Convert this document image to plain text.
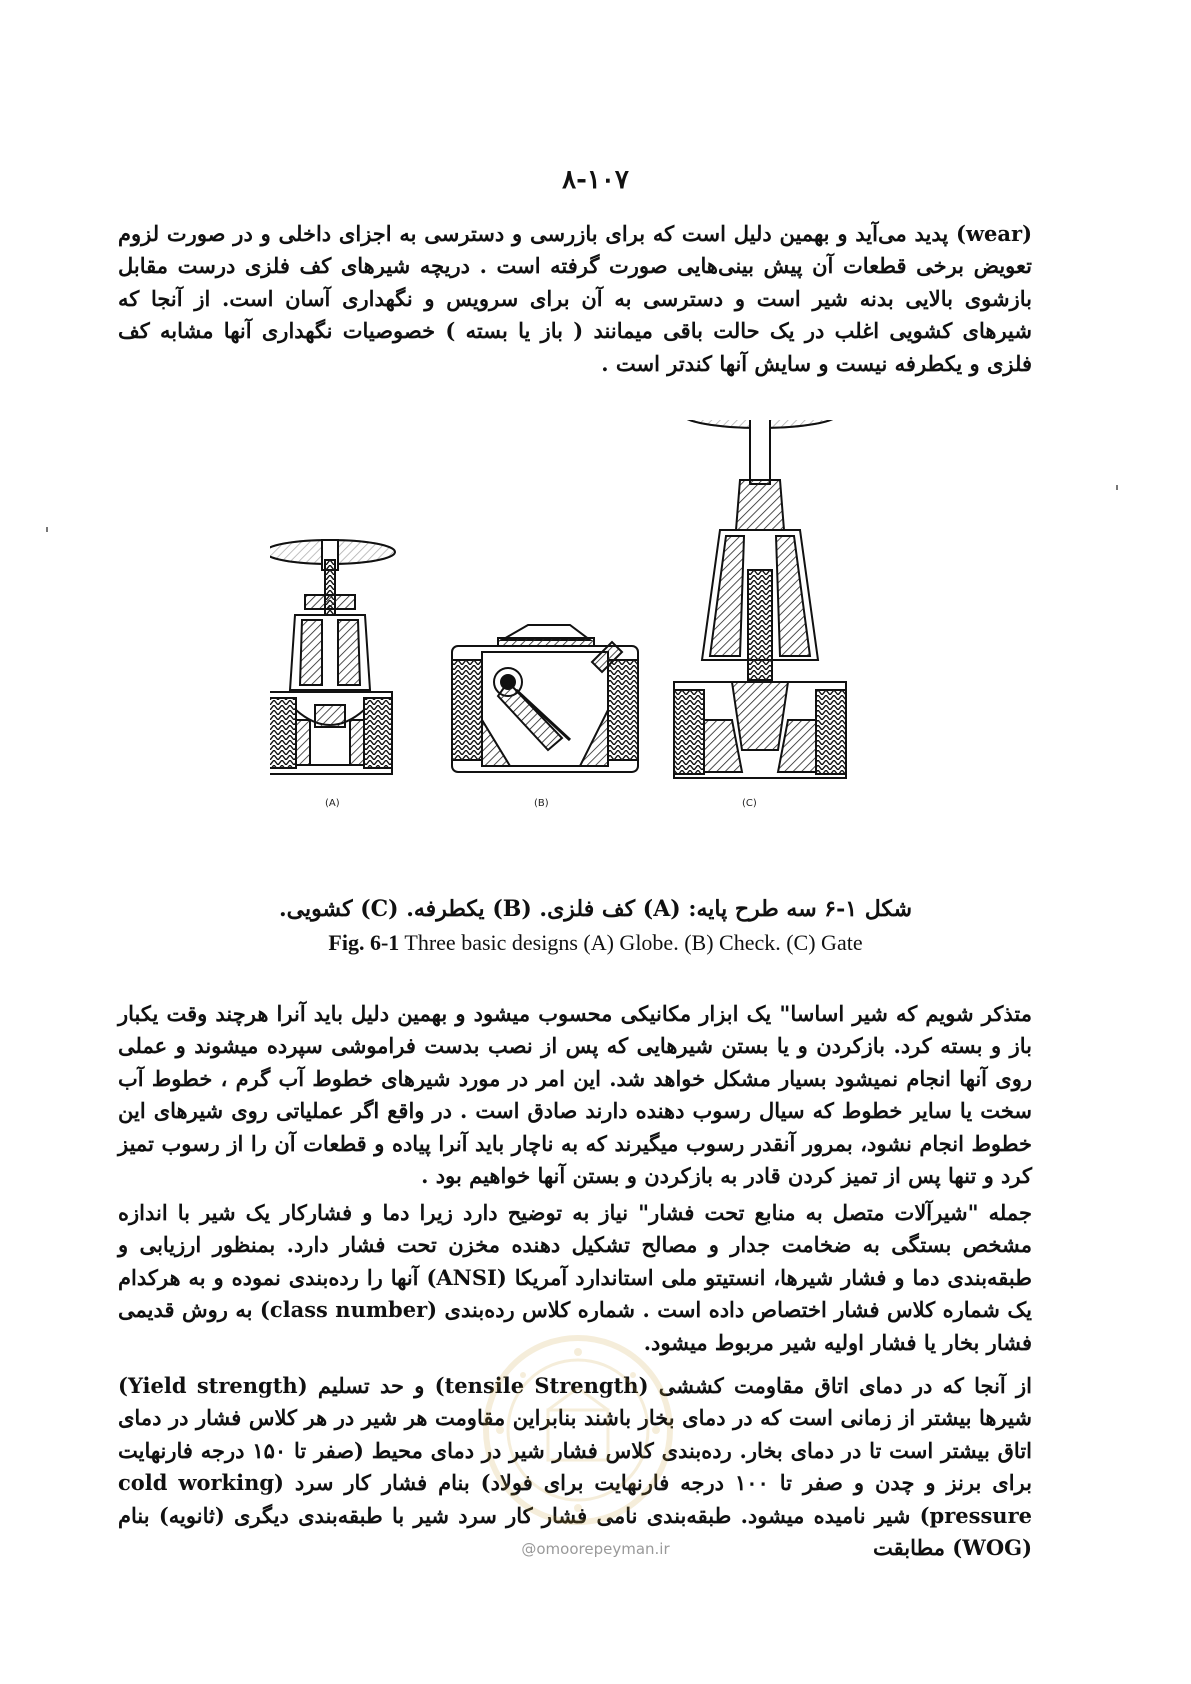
۸-۱۰۷

(wear) پدید می‌آید و بهمین دلیل است که برای بازرسی و دسترسی به اجزای داخلی و در صورت لزوم تعویض برخی قطعات آن پیش بینی‌هایی صورت گرفته است . دریچه شیرهای کف فلزی درست مقابل بازشوی بالایی بدنه شیر است و دسترسی به آن برای سرویس و نگهداری آسان است. از آنجا که شیرهای کشویی اغلب در یک حالت باقی میمانند ( باز یا بسته ) خصوصیات نگهداری آنها مشابه کف فلزی و یکطرفه نیست و سایش آنها کندتر است .

(A)	(B)	(C)
شکل ۱-۶ سه طرح پایه: (A) کف فلزی. (B) یکطرفه. (C) کشویی.
Fig. 6-1 Three basic designs (A) Globe. (B) Check. (C) Gate

متذکر شویم که شیر اساسا" یک ابزار مکانیکی محسوب میشود و بهمین دلیل باید آنرا هرچند وقت یکبار باز و بسته کرد. بازکردن و یا بستن شیرهایی که پس از نصب بدست فراموشی سپرده میشوند و عملی روی آنها انجام نمیشود بسیار مشکل خواهد شد. این امر در مورد شیرهای خطوط آب گرم ، خطوط آب سخت یا سایر خطوط که سیال رسوب دهنده دارند صادق است . در واقع اگر عملیاتی روی شیرهای این خطوط انجام نشود، بمرور آنقدر رسوب میگیرند که به ناچار باید آنرا پیاده و قطعات آن را از رسوب تمیز کرد و تنها پس از تمیز کردن قادر به بازکردن و بستن آنها خواهیم بود .

جمله "شیرآلات متصل به منابع تحت فشار" نیاز به توضیح دارد زیرا دما و فشارکار یک شیر با اندازه مشخص بستگی به ضخامت جدار و مصالح تشکیل دهنده مخزن تحت فشار دارد. بمنظور ارزیابی و طبقه‌بندی دما و فشار شیرها، انستیتو ملی استاندارد آمریکا (ANSI) آنها را رده‌بندی نموده و به هرکدام یک شماره کلاس فشار اختصاص داده است . شماره کلاس رده‌بندی (class number) به روش قدیمی فشار بخار یا فشار اولیه شیر مربوط میشود.

از آنجا که در دمای اتاق مقاومت کششی (tensile Strength) و حد تسلیم (Yield strength) شیرها بیشتر از زمانی است که در دمای بخار باشند بنابراین مقاومت هر شیر در هر کلاس فشار در دمای اتاق بیشتر است تا در دمای بخار. رده‌بندی کلاس فشار شیر در دمای محیط (صفر تا ۱۵۰ درجه فارنهایت برای برنز و چدن و صفر تا ۱۰۰ درجه فارنهایت برای فولاد) بنام فشار کار سرد (cold working pressure) شیر نامیده میشود. طبقه‌بندی نامی فشار کار سرد شیر با طبقه‌بندی دیگری (ثانویه) بنام (WOG) مطابقت

@omoorepeyman.ir
